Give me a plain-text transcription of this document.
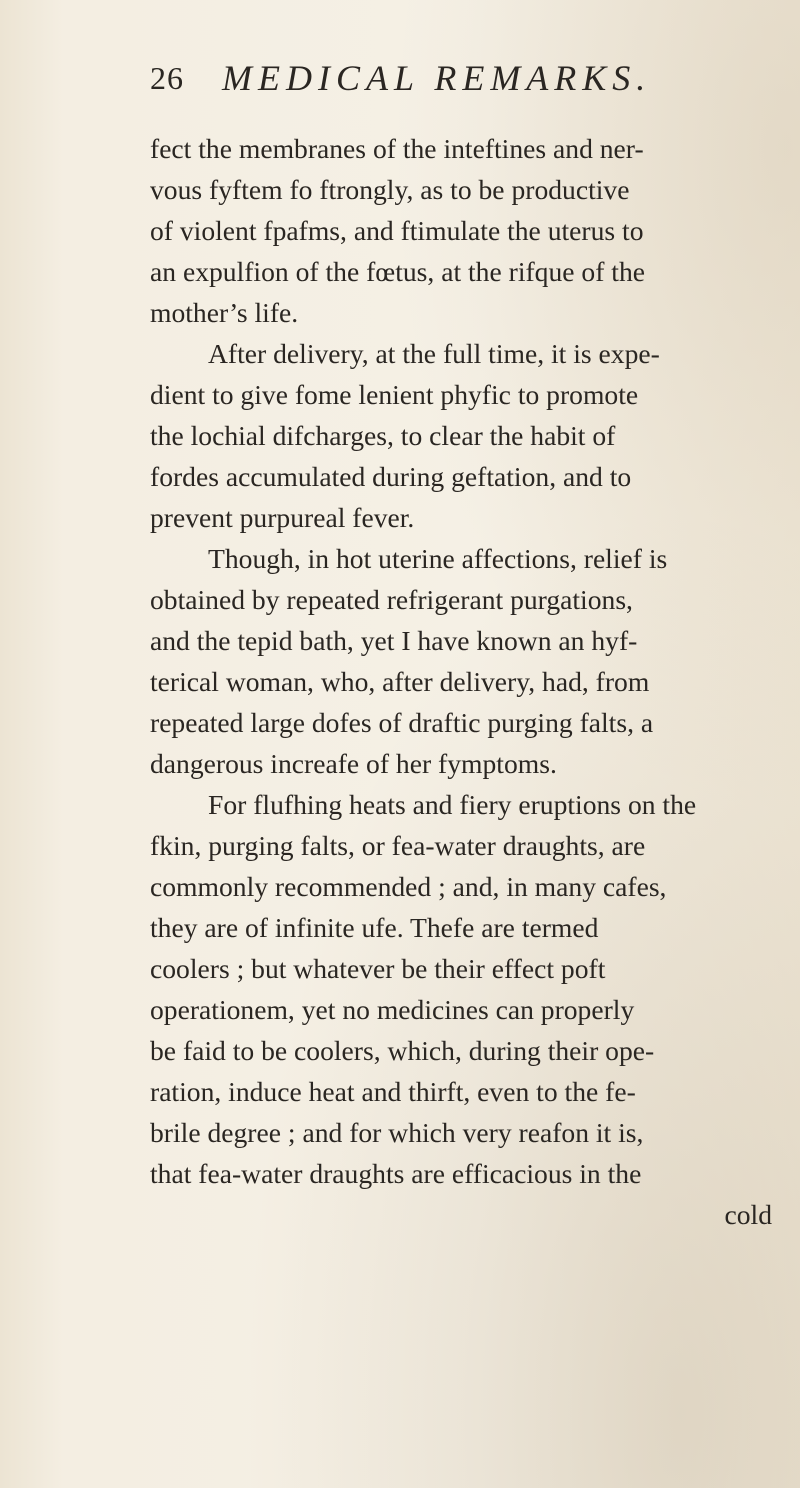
26 MEDICAL REMARKS.
fect the membranes of the inteftines and ner-
vous fyftem fo ftrongly, as to be productive
of violent fpafms, and ftimulate the uterus to
an expulfion of the fœtus, at the rifque of the
mother’s life.
After delivery, at the full time, it is expe-
dient to give fome lenient phyfic to promote
the lochial difcharges, to clear the habit of
fordes accumulated during geftation, and to
prevent purpureal fever.
Though, in hot uterine affections, relief is
obtained by repeated refrigerant purgations,
and the tepid bath, yet I have known an hyf-
terical woman, who, after delivery, had, from
repeated large dofes of draftic purging falts, a
dangerous increafe of her fymptoms.
For flufhing heats and fiery eruptions on the
fkin, purging falts, or fea-water draughts, are
commonly recommended ; and, in many cafes,
they are of infinite ufe. Thefe are termed
coolers ; but whatever be their effect poft
operationem, yet no medicines can properly
be faid to be coolers, which, during their ope-
ration, induce heat and thirft, even to the fe-
brile degree ; and for which very reafon it is,
that fea-water draughts are efficacious in the
cold
